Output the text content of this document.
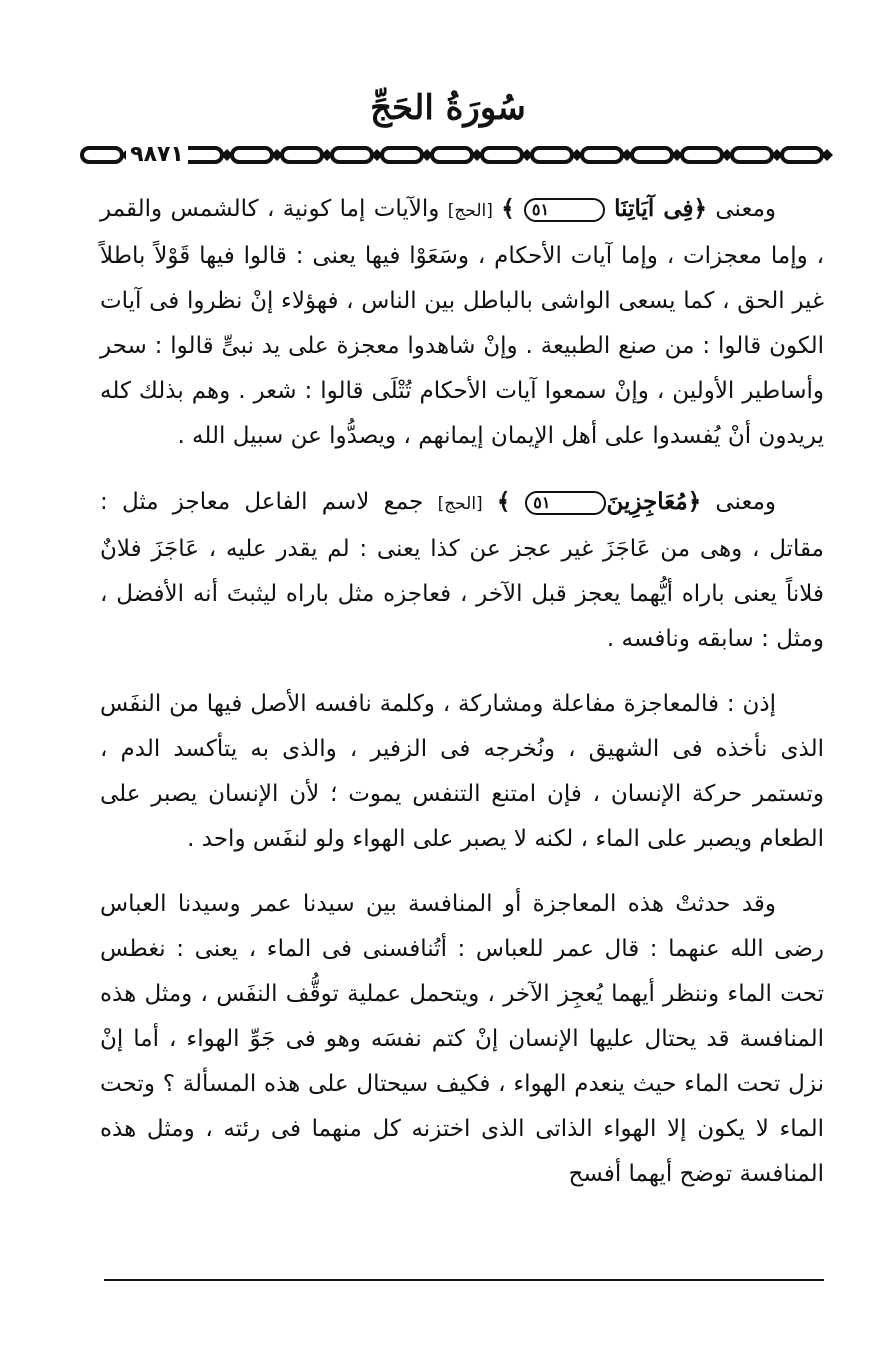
سُورَةُ الحَجِّ
٩٨٧١

ومعنى ﴿فِى آيَاتِنَا ٥١ ﴾ [الحج] والآيات إما كونية ، كالشمس والقمر ، وإما معجزات ، وإما آيات الأحكام ، وسَعَوْا فيها يعنى : قالوا فيها قَوْلاً باطلاً غير الحق ، كما يسعى الواشى بالباطل بين الناس ، فهؤلاء إنْ نظروا فى آيات الكون قالوا : من صنع الطبيعة . وإنْ شاهدوا معجزة على يد نبىٍّ قالوا : سحر وأساطير الأولين ، وإنْ سمعوا آيات الأحكام تُتْلَى قالوا : شعر . وهم بذلك كله يريدون أنْ يُفسدوا على أهل الإيمان إيمانهم ، ويصدُّوا عن سبيل الله .

ومعنى ﴿مُعَاجِزِينَ٥١ ﴾ [الحج] جمع لاسم الفاعل معاجز مثل : مقاتل ، وهى من عَاجَزَ غير عجز عن كذا يعنى : لم يقدر عليه ، عَاجَزَ فلانٌ فلاناً يعنى باراه أيُّهما يعجز قبل الآخر ، فعاجزه مثل باراه ليثبتَ أنه الأفضل ، ومثل : سابقه ونافسه .

إذن : فالمعاجزة مفاعلة ومشاركة ، وكلمة نافسه الأصل فيها من النفَس الذى نأخذه فى الشهيق ، ونُخرجه فى الزفير ، والذى به يتأكسد الدم ، وتستمر حركة الإنسان ، فإن امتنع التنفس يموت ؛ لأن الإنسان يصبر على الطعام ويصبر على الماء ، لكنه لا يصبر على الهواء ولو لنفَس واحد .

وقد حدثتْ هذه المعاجزة أو المنافسة بين سيدنا عمر وسيدنا العباس رضى الله عنهما : قال عمر للعباس : أتُنافسنى فى الماء ، يعنى : نغطس تحت الماء وننظر أيهما يُعجِز الآخر ، ويتحمل عملية توقُّف النفَس ، ومثل هذه المنافسة قد يحتال عليها الإنسان إنْ كتم نفسَه وهو فى جَوِّ الهواء ، أما إنْ نزل تحت الماء حيث ينعدم الهواء ، فكيف سيحتال على هذه المسألة ؟ وتحت الماء لا يكون إلا الهواء الذاتى الذى اختزنه كل منهما فى رئته ، ومثل هذه المنافسة توضح أيهما أفسح
